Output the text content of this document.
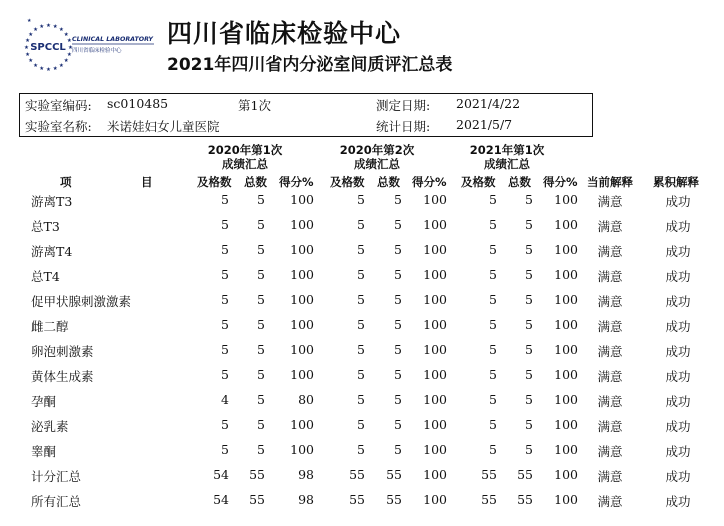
★
★
★
★
★
★
★
★
★
★
★
★
★
★
★
★ ★ ★
★
★
★
SPCCL
CLINICAL LABORATORY
四川省临床检验中心
四川省临床检验中心
2021年四川省内分泌室间质评汇总表
实验室编码: sc010485	第1次	测定日期: 2021/4/22
实验室名称: 米诺娃妇女儿童医院	统计日期: 2021/5/7
2020年第1次
成绩汇总
2020年第2次
成绩汇总
2021年第1次
成绩汇总
项	目	及格数 总数 得分% 及格数 总数 得分% 及格数 总数 得分% 当前解释 累积解释
游离T3	5	5	100	5	5	100	5	5	100	满意	成功
总T3	5	5	100	5	5	100	5	5	100	满意	成功
游离T4	5	5	100	5	5	100	5	5	100	满意	成功
总T4	5	5	100	5	5	100	5	5	100	满意	成功
促甲状腺刺激激素	5	5	100	5	5	100	5	5	100	满意	成功
雌二醇	5	5	100	5	5	100	5	5	100	满意	成功
卵泡刺激素	5	5	100	5	5	100	5	5	100	满意	成功
黄体生成素	5	5	100	5	5	100	5	5	100	满意	成功
孕酮	4	5	80	5	5	100	5	5	100	满意	成功
泌乳素	5	5	100	5	5	100	5	5	100	满意	成功
睾酮	5	5	100	5	5	100	5	5	100	满意	成功
计分汇总	54	55	98	55	55	100	55	55	100	满意	成功
所有汇总	54	55	98	55	55	100	55	55	100	满意	成功
